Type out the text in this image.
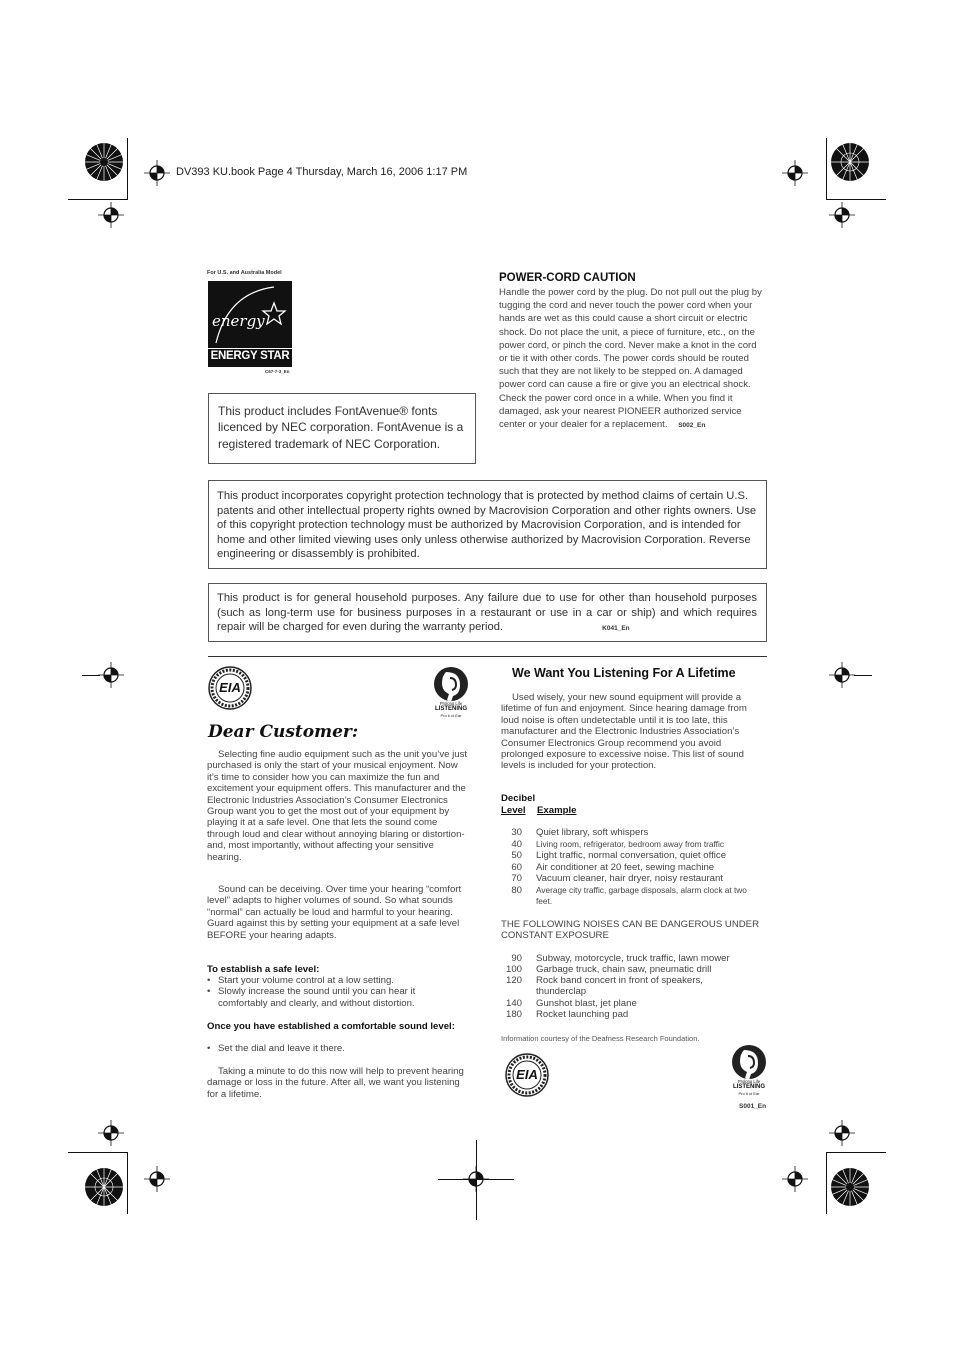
DV393 KU.book Page 4 Thursday, March 16, 2006 1:17 PM
For U.S. and Australia Model
energy
ENERGY STAR
C67-7-3_En
This product includes FontAvenue® fonts licenced by NEC corporation. FontAvenue is a registered trademark of NEC Corporation.
POWER-CORD CAUTION
Handle the power cord by the plug. Do not pull out the plug by tugging the cord and never touch the power cord when your hands are wet as this could cause a short circuit or electric shock. Do not place the unit, a piece of furniture, etc., on the power cord, or pinch the cord. Never make a knot in the cord or tie it with other cords. The power cords should be routed such that they are not likely to be stepped on. A damaged power cord can cause a fire or give you an electrical shock. Check the power cord once in a while. When you find it damaged, ask your nearest PIONEER authorized service center or your dealer for a replacement. S002_En
This product incorporates copyright protection technology that is protected by method claims of certain U.S. patents and other intellectual property rights owned by Macrovision Corporation and other rights owners. Use of this copyright protection technology must be authorized by Macrovision Corporation, and is intended for home and other limited viewing uses only unless otherwise authorized by Macrovision Corporation. Reverse engineering or disassembly is prohibited.
This product is for general household purposes. Any failure due to use for other than household purposes (such as long-term use for business purposes in a restaurant or use in a car or ship) and which requires repair will be charged for even during the warranty period.	K041_En
EIA
Prolong Life
LISTENING
Pro ti ct Ear
Dear Customer:
Selecting fine audio equipment such as the unit you’ve just purchased is only the start of your musical enjoyment. Now it’s time to consider how you can maximize the fun and excitement your equipment offers. This manufacturer and the Electronic Industries Association’s Consumer Electronics Group want you to get the most out of your equipment by playing it at a safe level. One that lets the sound come through loud and clear without annoying blaring or distortion-and, most importantly, without affecting your sensitive hearing.
Sound can be deceiving. Over time your hearing “comfort level” adapts to higher volumes of sound. So what sounds “normal” can actually be loud and harmful to your hearing. Guard against this by setting your equipment at a safe level BEFORE your hearing adapts.
To establish a safe level:
• Start your volume control at a low setting.
• Slowly increase the sound until you can hear it comfortably and clearly, and without distortion.
Once you have established a comfortable sound level:
• Set the dial and leave it there.
Taking a minute to do this now will help to prevent hearing damage or loss in the future. After all, we want you listening for a lifetime.
We Want You Listening For A Lifetime
Used wisely, your new sound equipment will provide a lifetime of fun and enjoyment. Since hearing damage from loud noise is often undetectable until it is too late, this manufacturer and the Electronic Industries Association’s Consumer Electronics Group recommend you avoid prolonged exposure to excessive noise. This list of sound levels is included for your protection.
Decibel
Level Example
30 Quiet library, soft whispers
40 Living room, refrigerator, bedroom away from traffic
50 Light traffic, normal conversation, quiet office
60 Air conditioner at 20 feet, sewing machine
70 Vacuum cleaner, hair dryer, noisy restaurant
80 Average city traffic, garbage disposals, alarm clock at two feet.
THE FOLLOWING NOISES CAN BE DANGEROUS UNDER CONSTANT EXPOSURE
90 Subway, motorcycle, truck traffic, lawn mower
100 Garbage truck, chain saw, pneumatic drill
120 Rock band concert in front of speakers, thunderclap
140 Gunshot blast, jet plane
180 Rocket launching pad
Information courtesy of the Deafness Research Foundation.
EIA	Prolong Life
LISTENING
Pro ti ct Ear
S001_En
